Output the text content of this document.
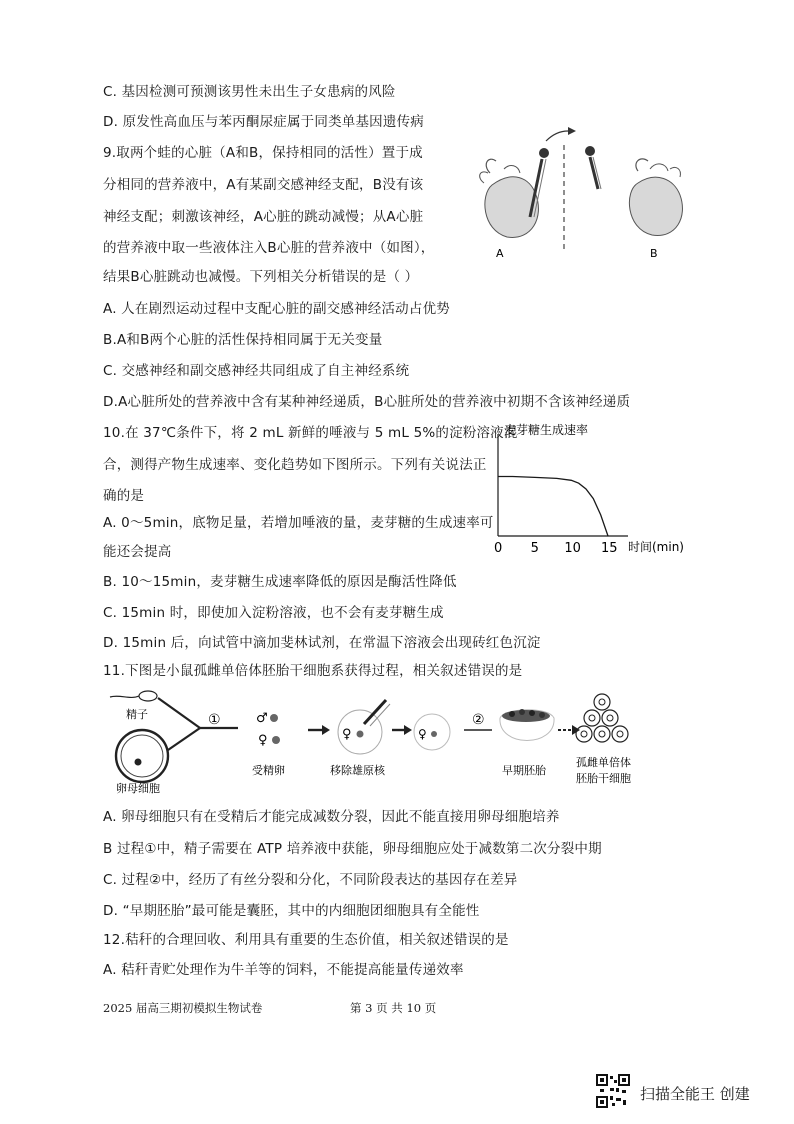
C. 基因检测可预测该男性未出生子女患病的风险
D. 原发性高血压与苯丙酮尿症属于同类单基因遗传病
9.取两个蛙的心脏（A和B，保持相同的活性）置于成
分相同的营养液中，A有某副交感神经支配，B没有该
神经支配；刺激该神经，A心脏的跳动减慢；从A心脏
的营养液中取一些液体注入B心脏的营养液中（如图），
结果B心脏跳动也减慢。下列相关分析错误的是（ ）
A. 人在剧烈运动过程中支配心脏的副交感神经活动占优势
B.A和B两个心脏的活性保持相同属于无关变量
C. 交感神经和副交感神经共同组成了自主神经系统
D.A心脏所处的营养液中含有某种神经递质，B心脏所处的营养液中初期不含该神经递质
10.在 37℃条件下，将 2 mL 新鲜的唾液与 5 mL 5%的淀粉溶液混
合，测得产物生成速率、变化趋势如下图所示。下列有关说法正
确的是
A. 0～5min，底物足量，若增加唾液的量，麦芽糖的生成速率可
能还会提高
B. 10～15min，麦芽糖生成速率降低的原因是酶活性降低
C. 15min 时，即使加入淀粉溶液，也不会有麦芽糖生成
D. 15min 后，向试管中滴加斐林试剂，在常温下溶液会出现砖红色沉淀
11.下图是小鼠孤雌单倍体胚胎干细胞系获得过程，相关叙述错误的是
A. 卵母细胞只有在受精后才能完成减数分裂，因此不能直接用卵母细胞培养
B 过程①中，精子需要在 ATP 培养液中获能，卵母细胞应处于减数第二次分裂中期
C. 过程②中，经历了有丝分裂和分化，不同阶段表达的基因存在差异
D. “早期胚胎”最可能是囊胚，其中的内细胞团细胞具有全能性
12.秸秆的合理回收、利用具有重要的生态价值，相关叙述错误的是
A. 秸秆青贮处理作为牛羊等的饲料，不能提高能量传递效率
A	B
麦芽糖生成速率
0 5 10 15 时间(min)
精子
卵母细胞
①	♂
♀
受精卵
♀
移除雄原核
♀
②
早期胚胎
孤雌单倍体
胚胎干细胞
2025 届高三期初模拟生物试卷	第 3 页 共 10 页
扫描全能王 创建
